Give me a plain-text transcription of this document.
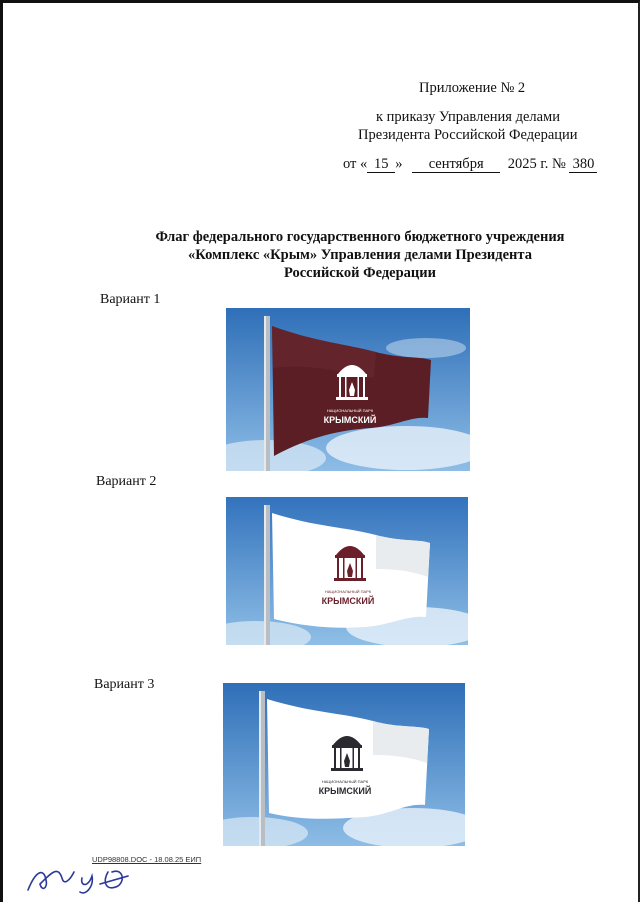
Приложение № 2
к приказу Управления делами
Президента Российской Федерации
от « 15 » сентября 2025 г. № 380
Флаг федерального государственного бюджетного учреждения
«Комплекс «Крым» Управления делами Президента
Российской Федерации
Вариант 1
Вариант 2
Вариант 3
НАЦИОНАЛЬНЫЙ ПАРК
КРЫМСКИЙ
НАЦИОНАЛЬНЫЙ ПАРК
КРЫМСКИЙ
НАЦИОНАЛЬНЫЙ ПАРК
КРЫМСКИЙ
UDP98808.DOC - 18.08.25 ЕИП
